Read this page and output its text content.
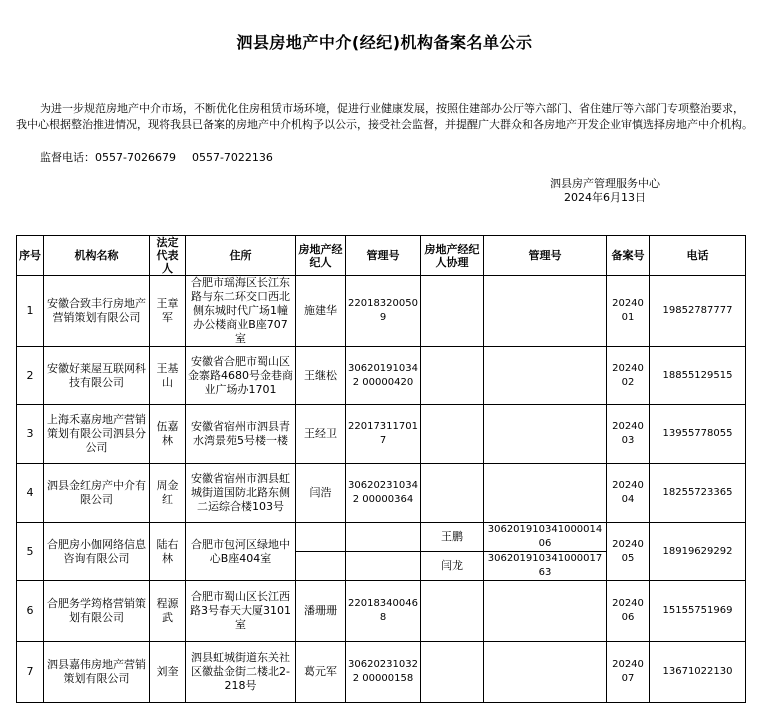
泗县房地产中介(经纪)机构备案名单公示
为进一步规范房地产中介市场，不断优化住房租赁市场环境，促进行业健康发展，按照住建部办公厅等六部门、省住建厅等六部门专项整治要求，我中心根据整治推进情况，现将我县已备案的房地产中介机构予以公示，接受社会监督，并提醒广大群众和各房地产开发企业审慎选择房地产中介机构。
监督电话：0557-7026679 0557-7022136
泗县房产管理服务中心
2024年6月13日
序号	机构名称	法定代表人	住所	房地产经纪人	管理号	房地产经纪人协理	管理号	备案号	电话
1	安徽合致丰行房地产营销策划有限公司	王章军	合肥市瑶海区长江东路与东二环交口西北侧东城时代广场1幢办公楼商业B座707室	施建华	220183200509			2024001	19852787777
2	安徽好莱屋互联网科技有限公司	王基山	安徽省合肥市蜀山区金寨路4680号金巷商业广场办1701	王继松	306201910342 00000420			2024002	18855129515
3	上海禾嘉房地产营销策划有限公司泗县分公司	伍嘉林	安徽省宿州市泗县青水湾景苑5号楼一楼	王经卫	220173117017			2024003	13955778055
4	泗县金红房产中介有限公司	周金红	安徽省宿州市泗县虹城街道国防北路东侧二运综合楼103号	闫浩	306202310342 00000364			2024004	18255723365
5	合肥房小伽网络信息咨询有限公司	陆右林	合肥市包河区绿地中心B座404室			王鹏	30620191034100001406	2024005	18919629292
						闫龙	30620191034100001763		
6	合肥务学筠格营销策划有限公司	程源武	合肥市蜀山区长江西路3号春天大厦3101室	潘珊珊	220183400468			2024006	15155751969
7	泗县嘉伟房地产营销策划有限公司	刘奎	泗县虹城街道东关社区徽盐金街二楼北2-218号	葛元军	306202310322 00000158			2024007	13671022130
